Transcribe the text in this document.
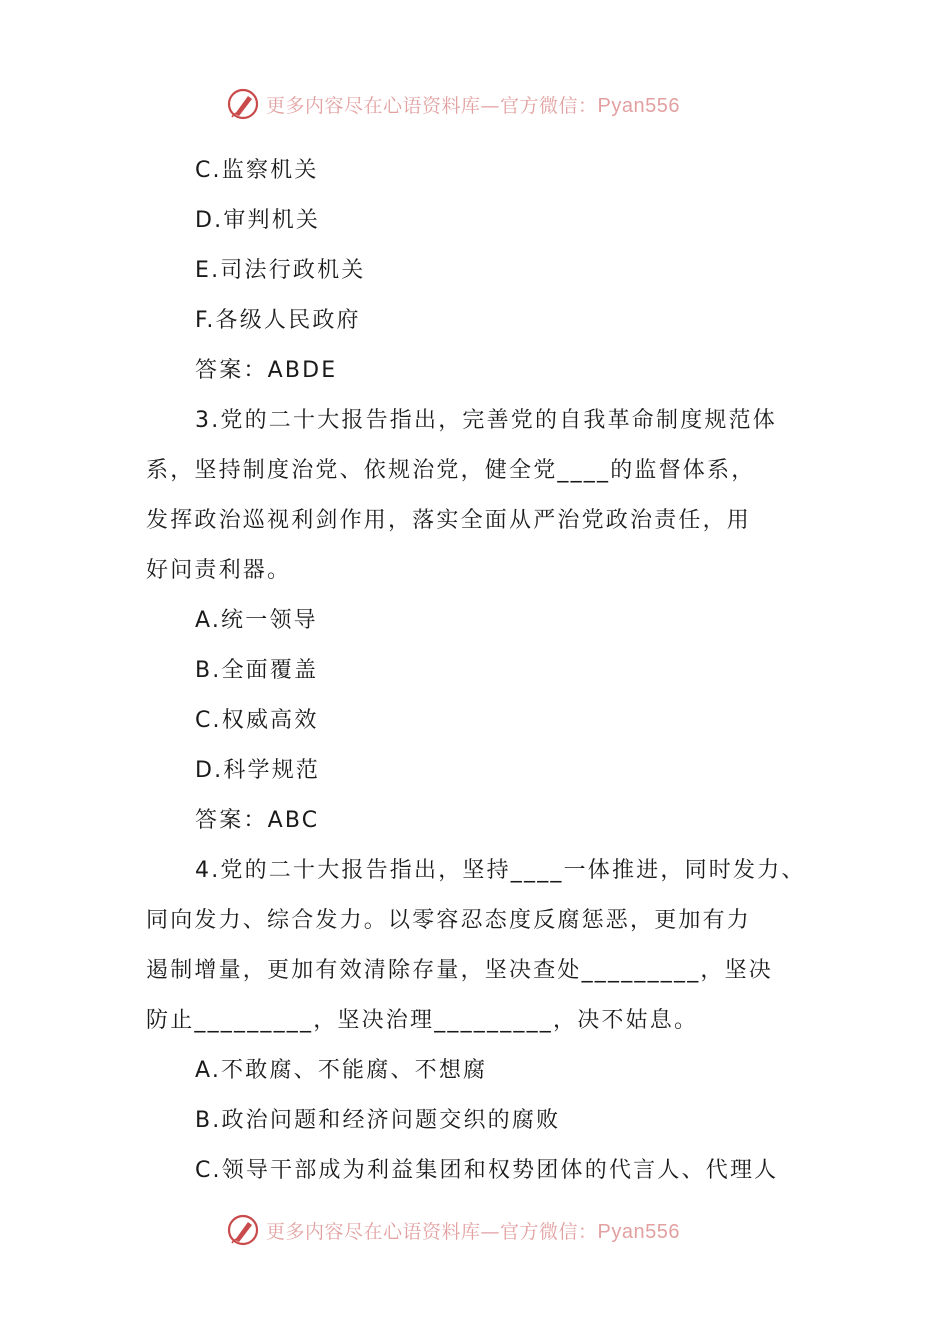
更多内容尽在心语资料库—官方微信：Pyan556
C.监察机关
D.审判机关
E.司法行政机关
F.各级人民政府
答案：ABDE
3.党的二十大报告指出，完善党的自我革命制度规范体
系，坚持制度治党、依规治党，健全党____的监督体系，
发挥政治巡视利剑作用，落实全面从严治党政治责任，用
好问责利器。
A.统一领导
B.全面覆盖
C.权威高效
D.科学规范
答案：ABC
4.党的二十大报告指出，坚持____一体推进，同时发力、
同向发力、综合发力。以零容忍态度反腐惩恶，更加有力
遏制增量，更加有效清除存量，坚决查处_________，坚决
防止_________，坚决治理_________，决不姑息。
A.不敢腐、不能腐、不想腐
B.政治问题和经济问题交织的腐败
C.领导干部成为利益集团和权势团体的代言人、代理人
更多内容尽在心语资料库—官方微信：Pyan556
